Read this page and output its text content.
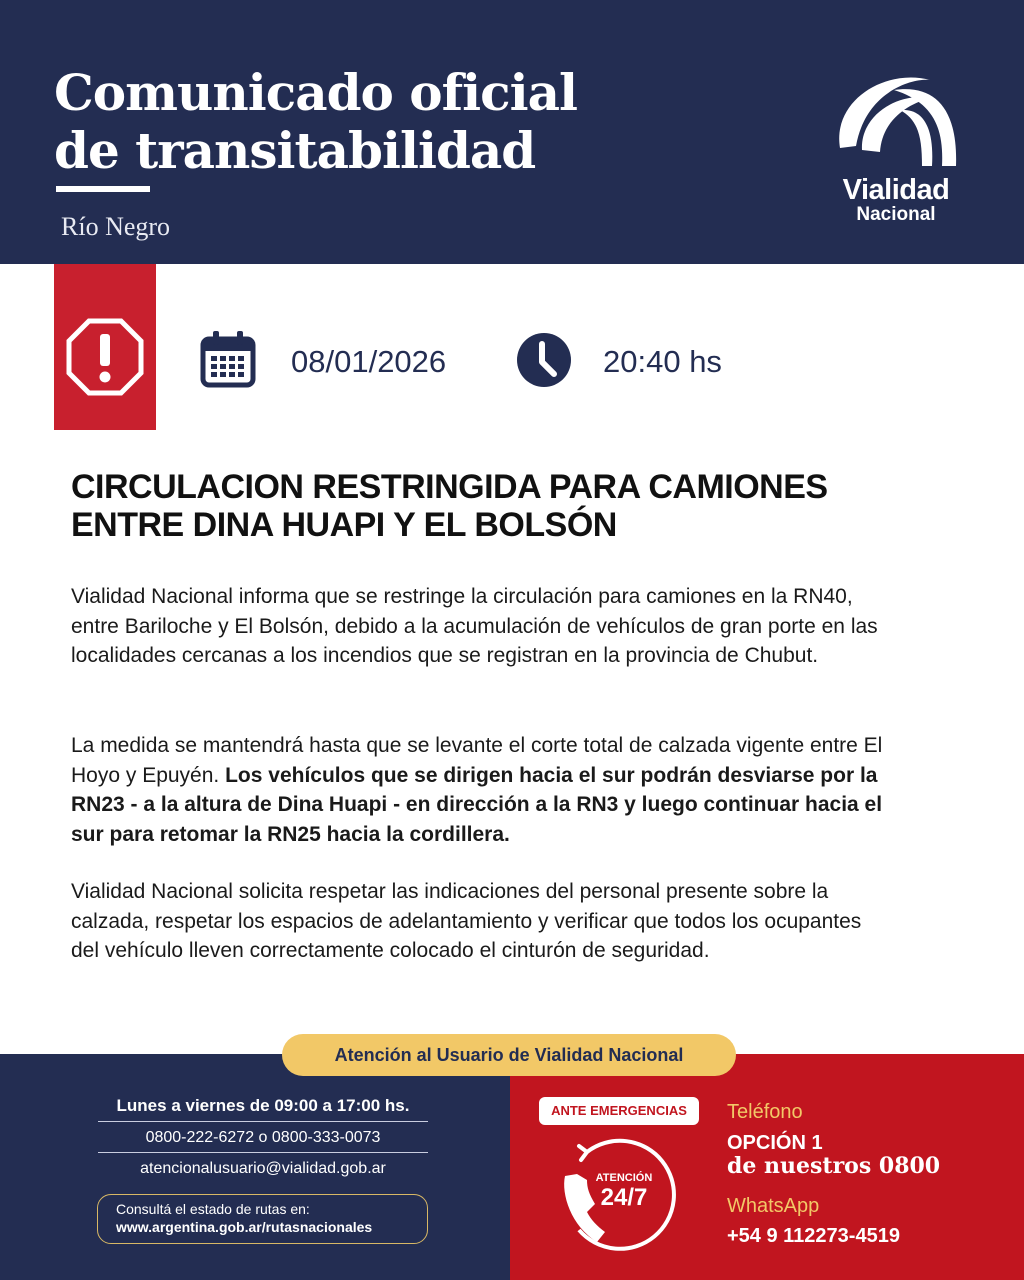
Comunicado oficial
de transitabilidad
Río Negro
Vialidad
Nacional
08/01/2026	20:40 hs
CIRCULACION RESTRINGIDA PARA CAMIONES
ENTRE DINA HUAPI Y EL BOLSÓN

Vialidad Nacional informa que se restringe la circulación para camiones en la RN40, entre Bariloche y El Bolsón, debido a la acumulación de vehículos de gran porte en las localidades cercanas a los incendios que se registran en la provincia de Chubut.

La medida se mantendrá hasta que se levante el corte total de calzada vigente entre El Hoyo y Epuyén. Los vehículos que se dirigen hacia el sur podrán desviarse por la RN23 - a la altura de Dina Huapi - en dirección a la RN3 y luego continuar hacia el sur para retomar la RN25 hacia la cordillera.

Vialidad Nacional solicita respetar las indicaciones del personal presente sobre la calzada, respetar los espacios de adelantamiento y verificar que todos los ocupantes del vehículo lleven correctamente colocado el cinturón de seguridad.

Atención al Usuario de Vialidad Nacional
Lunes a viernes de 09:00 a 17:00 hs.
0800-222-6272 o 0800-333-0073
atencionalusuario@vialidad.gob.ar
Consultá el estado de rutas en:
www.argentina.gob.ar/rutasnacionales
ANTE EMERGENCIAS
ATENCIÓN
24/7
Teléfono
OPCIÓN 1
de nuestros 0800
WhatsApp
+54 9 112273-4519
